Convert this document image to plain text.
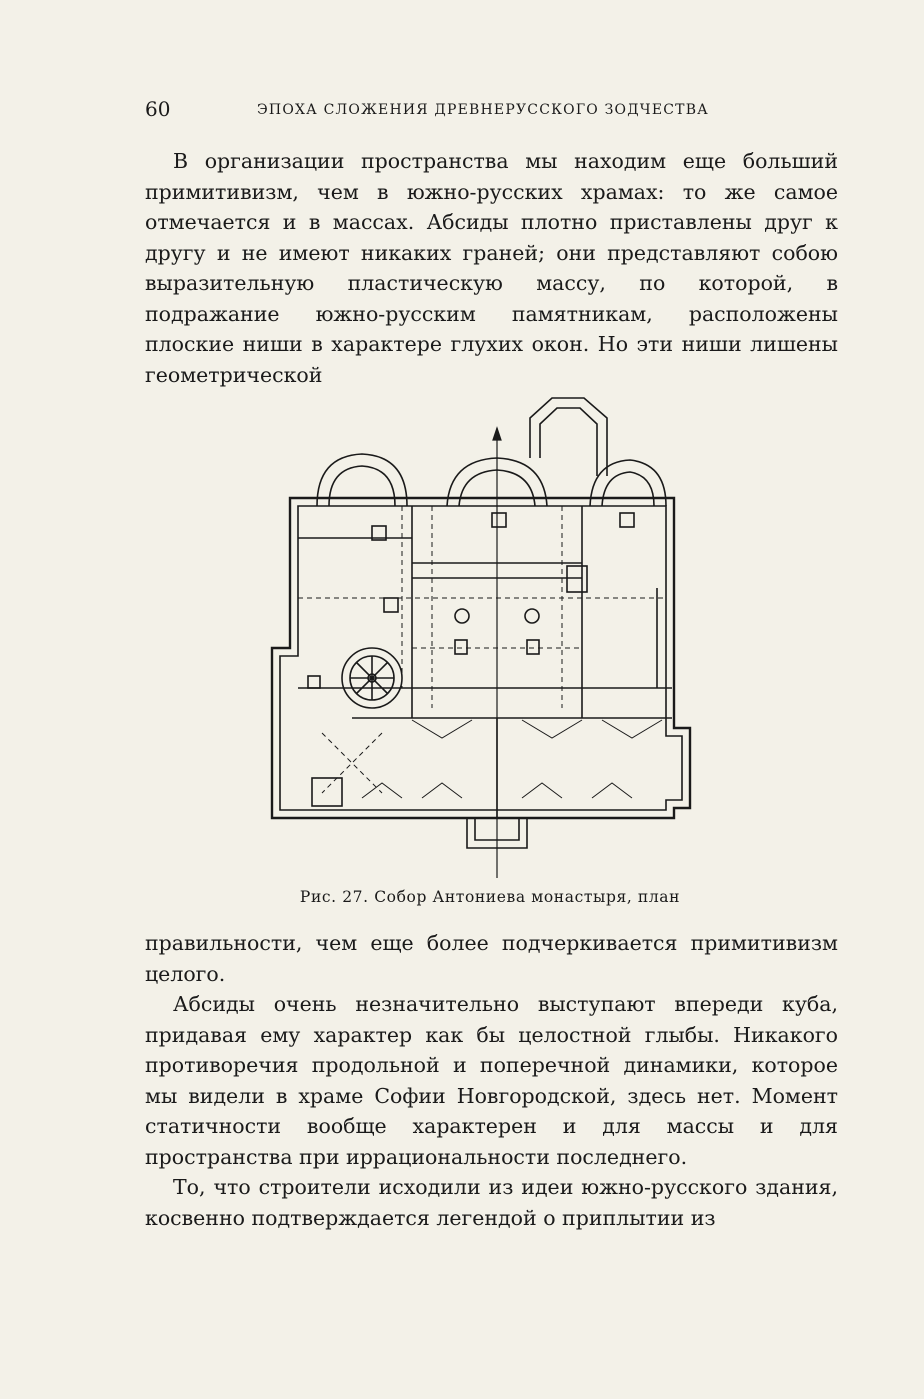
60	ЭПОХА СЛОЖЕНИЯ ДРЕВНЕРУССКОГО ЗОДЧЕСТВА

В организации пространства мы находим еще больший примитивизм, чем в южно-русских храмах: то же самое отмечается и в массах. Абсиды плотно приставлены друг к другу и не имеют никаких граней; они представляют собою выразительную пластическую массу, по которой, в подражание южно-русским памятникам, расположены плоские ниши в характере глухих окон. Но эти ниши лишены геометрической

Рис. 27. Собор Антониева монастыря, план

правильности, чем еще более подчеркивается примитивизм целого.

Абсиды очень незначительно выступают впереди куба, придавая ему характер как бы целостной глыбы. Никакого противоречия продольной и поперечной динамики, которое мы видели в храме Софии Новгородской, здесь нет. Момент статичности вообще характерен и для массы и для пространства при иррациональности последнего.

То, что строители исходили из идеи южно-русского здания, косвенно подтверждается легендой о приплытии из
